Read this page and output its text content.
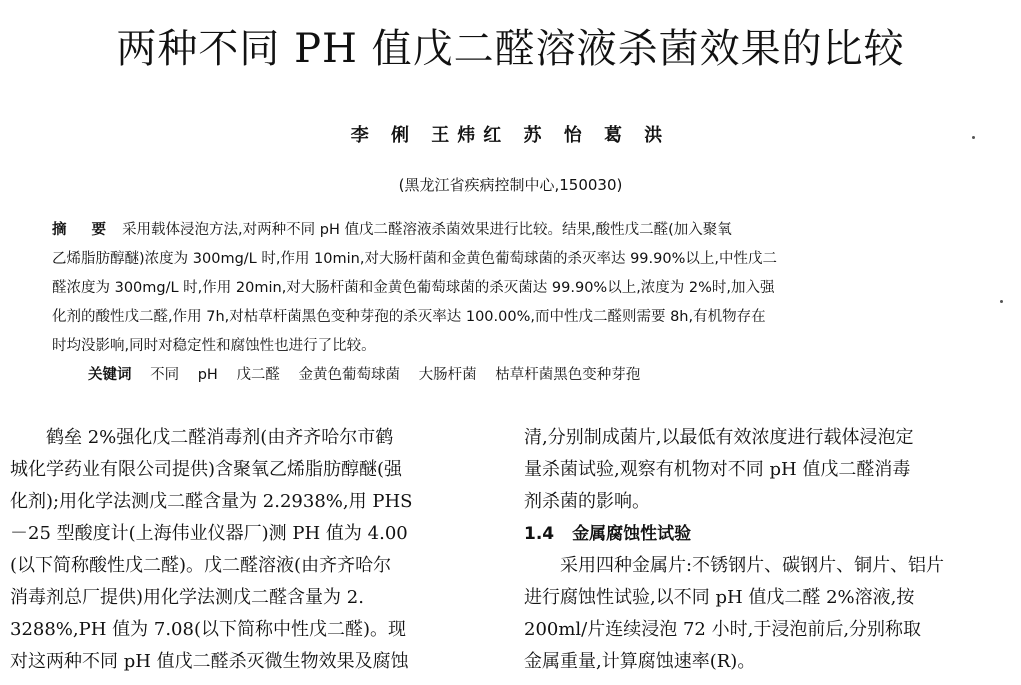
两种不同 PH 值戊二醛溶液杀菌效果的比较
李 俐 王炜红 苏 怡 葛 洪
(黑龙江省疾病控制中心,150030)
摘 要 采用载体浸泡方法,对两种不同 pH 值戊二醛溶液杀菌效果进行比较。结果,酸性戊二醛(加入聚氧
乙烯脂肪醇醚)浓度为 300mg/L 时,作用 10min,对大肠杆菌和金黄色葡萄球菌的杀灭率达 99.90%以上,中性戊二
醛浓度为 300mg/L 时,作用 20min,对大肠杆菌和金黄色葡萄球菌的杀灭菌达 99.90%以上,浓度为 2%时,加入强
化剂的酸性戊二醛,作用 7h,对枯草杆菌黑色变种芽孢的杀灭率达 100.00%,而中性戊二醛则需要 8h,有机物存在
时均没影响,同时对稳定性和腐蚀性也进行了比较。
关键词 不同 pH 戊二醛 金黄色葡萄球菌 大肠杆菌 枯草杆菌黑色变种芽孢
鹤垒 2%强化戊二醛消毒剂(由齐齐哈尔市鹤
城化学药业有限公司提供)含聚氧乙烯脂肪醇醚(强
化剂);用化学法测戊二醛含量为 2.2938%,用 PHS
－25 型酸度计(上海伟业仪器厂)测 PH 值为 4.00
(以下简称酸性戊二醛)。戊二醛溶液(由齐齐哈尔
消毒剂总厂提供)用化学法测戊二醛含量为 2.
3288%,PH 值为 7.08(以下简称中性戊二醛)。现
对这两种不同 pH 值戊二醛杀灭微生物效果及腐蚀
清,分别制成菌片,以最低有效浓度进行载体浸泡定
量杀菌试验,观察有机物对不同 pH 值戊二醛消毒
剂杀菌的影响。
1.4 金属腐蚀性试验
采用四种金属片:不锈钢片、碳钢片、铜片、铝片
进行腐蚀性试验,以不同 pH 值戊二醛 2%溶液,按
200ml/片连续浸泡 72 小时,于浸泡前后,分别称取
金属重量,计算腐蚀速率(R)。
